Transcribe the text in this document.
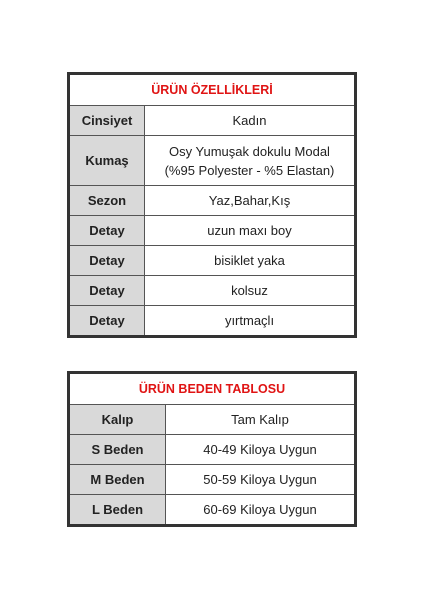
ÜRÜN ÖZELLİKLERİ	
Cinsiyet	Kadın
Kumaş	Osy Yumuşak dokulu Modal
(%95 Polyester - %5 Elastan)

Sezon	Yaz,Bahar,Kış
Detay	uzun maxı boy
Detay	bisiklet yaka
Detay	kolsuz
Detay	yırtmaçlı
ÜRÜN BEDEN TABLOSU	
Kalıp	Tam Kalıp
S Beden	40-49 Kiloya Uygun
M Beden	50-59 Kiloya Uygun
L Beden	60-69 Kiloya Uygun
